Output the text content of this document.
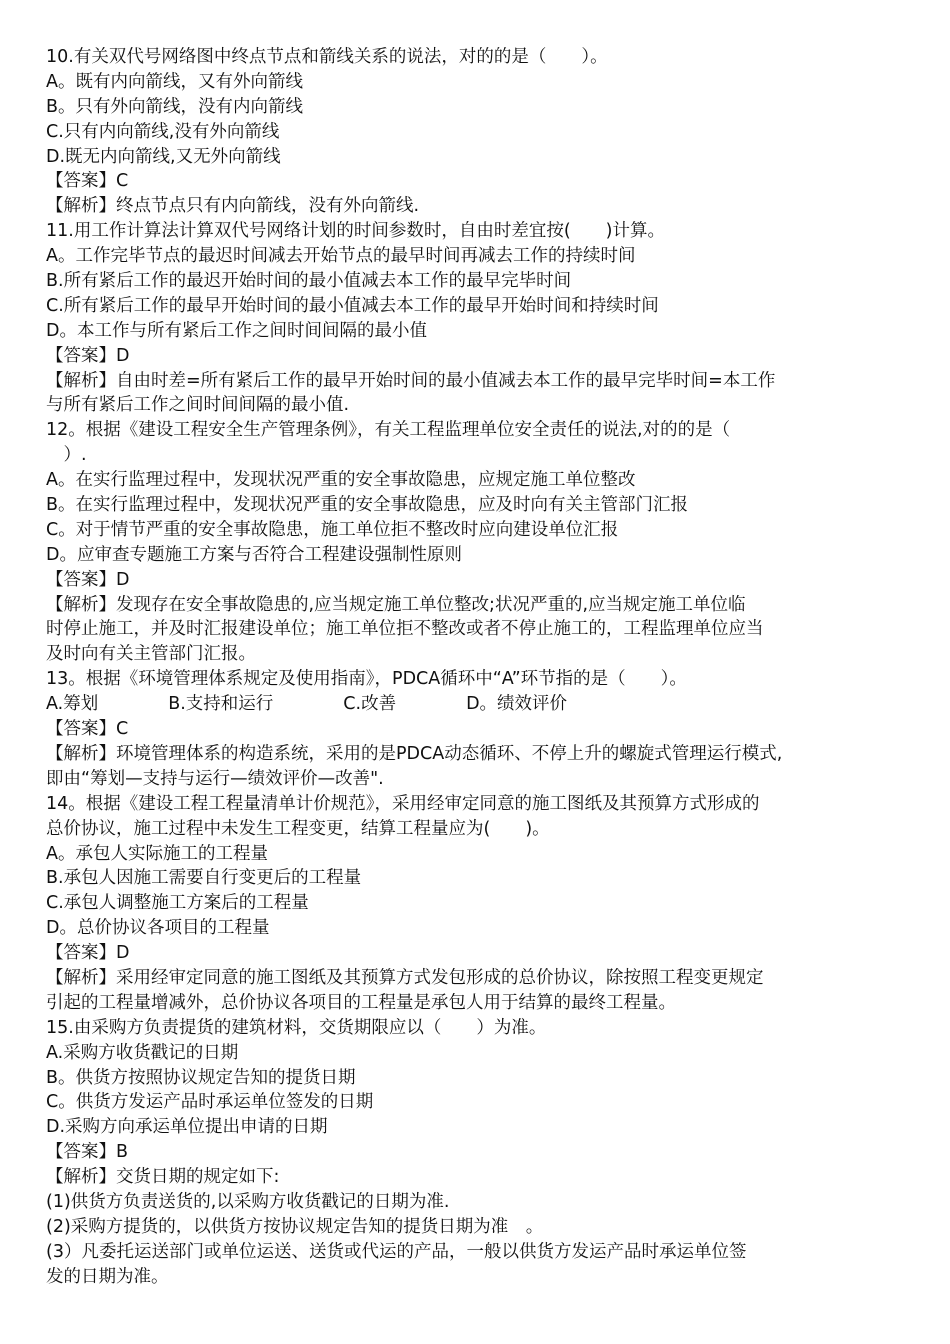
10.有关双代号网络图中终点节点和箭线关系的说法，对的的是（　　）。
A。既有内向箭线，又有外向箭线
B。只有外向箭线，没有内向箭线
C.只有内向箭线,没有外向箭线
D.既无内向箭线,又无外向箭线
【答案】C
【解析】终点节点只有内向箭线，没有外向箭线.
11.用工作计算法计算双代号网络计划的时间参数时，自由时差宜按(　　)计算。
A。工作完毕节点的最迟时间减去开始节点的最早时间再减去工作的持续时间
B.所有紧后工作的最迟开始时间的最小值减去本工作的最早完毕时间
C.所有紧后工作的最早开始时间的最小值减去本工作的最早开始时间和持续时间
D。本工作与所有紧后工作之间时间间隔的最小值
【答案】D
【解析】自由时差=所有紧后工作的最早开始时间的最小值减去本工作的最早完毕时间=本工作
与所有紧后工作之间时间间隔的最小值.
12。根据《建设工程安全生产管理条例》，有关工程监理单位安全责任的说法,对的的是（
　）.
A。在实行监理过程中，发现状况严重的安全事故隐患，应规定施工单位整改
B。在实行监理过程中，发现状况严重的安全事故隐患，应及时向有关主管部门汇报
C。对于情节严重的安全事故隐患，施工单位拒不整改时应向建设单位汇报
D。应审查专题施工方案与否符合工程建设强制性原则
【答案】D
【解析】发现存在安全事故隐患的,应当规定施工单位整改;状况严重的,应当规定施工单位临
时停止施工，并及时汇报建设单位；施工单位拒不整改或者不停止施工的，工程监理单位应当
及时向有关主管部门汇报。
13。根据《环境管理体系规定及使用指南》，PDCA循环中“A”环节指的是（　　）。
A.筹划　　　　B.支持和运行　　　　C.改善　　　　D。绩效评价
【答案】C
【解析】环境管理体系的构造系统，采用的是PDCA动态循环、不停上升的螺旋式管理运行模式,
即由“筹划—支持与运行—绩效评价—改善".
14。根据《建设工程工程量清单计价规范》，采用经审定同意的施工图纸及其预算方式形成的
总价协议，施工过程中未发生工程变更，结算工程量应为(　　)。
A。承包人实际施工的工程量
B.承包人因施工需要自行变更后的工程量
C.承包人调整施工方案后的工程量
D。总价协议各项目的工程量
【答案】D
【解析】采用经审定同意的施工图纸及其预算方式发包形成的总价协议，除按照工程变更规定
引起的工程量增减外，总价协议各项目的工程量是承包人用于结算的最终工程量。
15.由采购方负责提货的建筑材料，交货期限应以（　　）为准。
A.采购方收货戳记的日期
B。供货方按照协议规定告知的提货日期
C。供货方发运产品时承运单位签发的日期
D.采购方向承运单位提出申请的日期
【答案】B
【解析】交货日期的规定如下:
(1)供货方负责送货的,以采购方收货戳记的日期为准.
(2)采购方提货的，以供货方按协议规定告知的提货日期为准　。
(3）凡委托运送部门或单位运送、送货或代运的产品，一般以供货方发运产品时承运单位签
发的日期为准。
